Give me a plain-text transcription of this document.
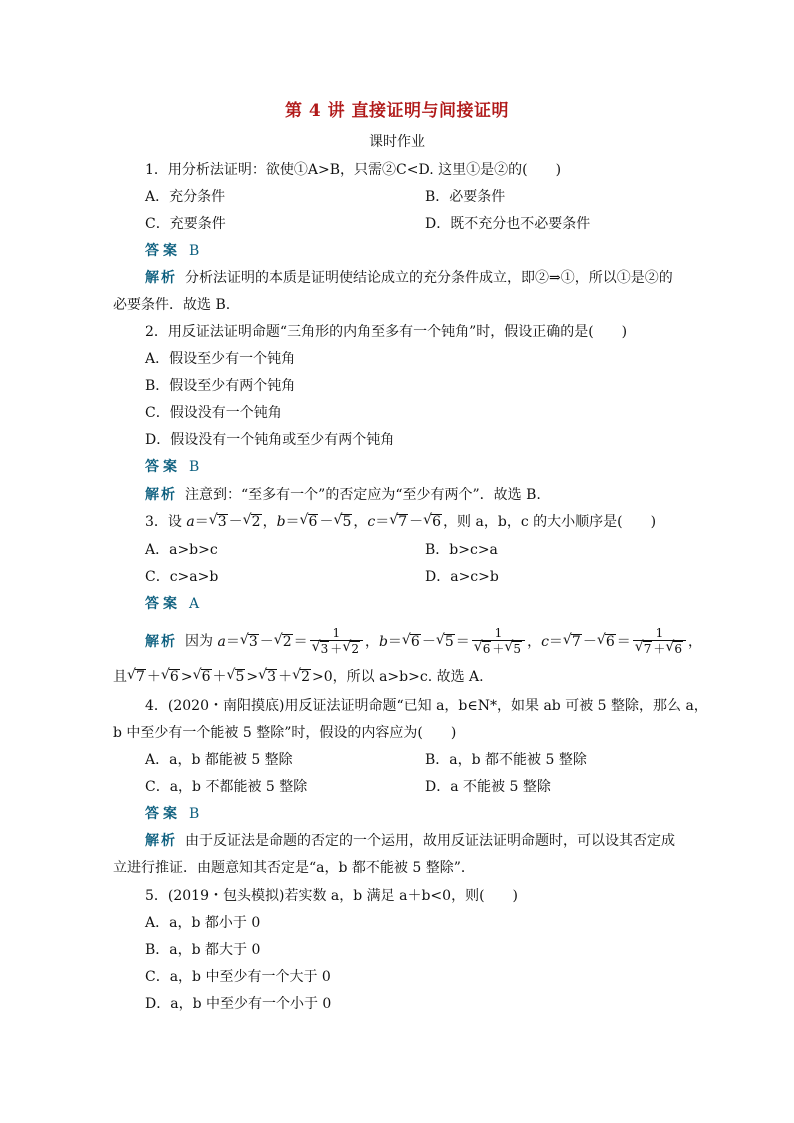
第 4 讲 直接证明与间接证明
课时作业
1．用分析法证明：欲使①A>B，只需②C<D. 这里①是②的(　　)
A．充分条件	B．必要条件
C．充要条件	D．既不充分也不必要条件
答案 B
解析 分析法证明的本质是证明使结论成立的充分条件成立，即②⇒①，所以①是②的
必要条件．故选 B.
2．用反证法证明命题“三角形的内角至多有一个钝角”时，假设正确的是(　　)
A．假设至少有一个钝角
B．假设至少有两个钝角
C．假设没有一个钝角
D．假设没有一个钝角或至少有两个钝角
答案 B
解析 注意到：“至多有一个”的否定应为“至少有两个”．故选 B.
3．设 a＝ √ 3 － √ 2 ，b＝ √ 6 － √ 5 ，c＝ √ 7 － √ 6 ，则 a，b，c 的大小顺序是(　　)
A．a>b>c	B．b>c>a
C．c>a>b	D．a>c>b
答案 A
解析 因为 a＝ √ 3 － √ $2 = \frac{1}{√ 3 + √ 2}$ ，b＝ √ 6 － √ $5 = \frac{1}{√ 6 + √ 5}$ ，c＝ √ 7 － √ $6 = \frac{1}{√ 7 + √ 6}$ ，
且 √ 7 ＋ √ 6 > √ 6 ＋ √ 5 > √ 3 ＋ √ 2 >0，所以 a>b>c. 故选 A.
4．(2020・南阳摸底)用反证法证明命题“已知 a，b∈N*，如果 ab 可被 5 整除，那么 a，
b 中至少有一个能被 5 整除”时，假设的内容应为(　　)
A．a，b 都能被 5 整除	B．a，b 都不能被 5 整除
C．a，b 不都能被 5 整除	D．a 不能被 5 整除
答案 B
解析 由于反证法是命题的否定的一个运用，故用反证法证明命题时，可以设其否定成
立进行推证．由题意知其否定是“a，b 都不能被 5 整除”．
5．(2019・包头模拟)若实数 a，b 满足 a＋b<0，则(　　)
A．a，b 都小于 0
B．a，b 都大于 0
C．a，b 中至少有一个大于 0
D．a，b 中至少有一个小于 0
